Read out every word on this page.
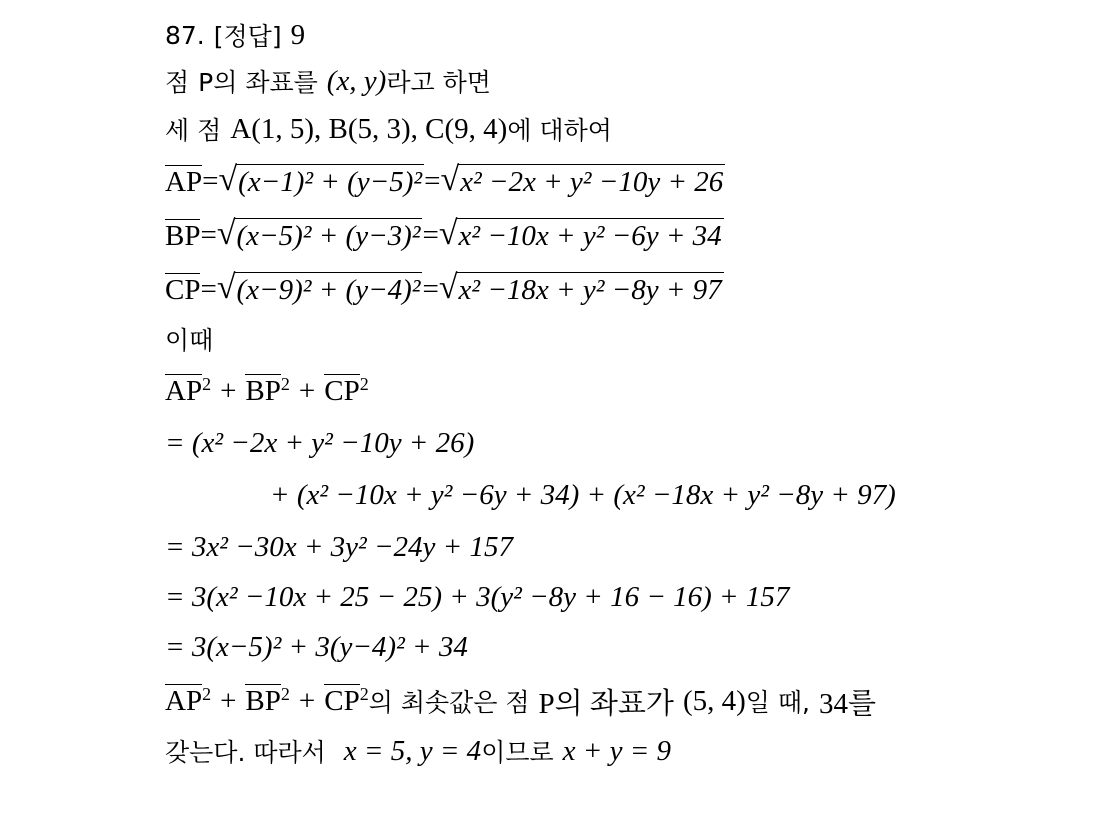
87. [정답] 9
점 P의 좌표를 (x, y) 라고 하면
세 점 A(1, 5), B(5, 3), C(9, 4) 에 대하여
AP = √ (x−1)² + (y−5)² = √ x² −2x + y² −10y + 26
BP = √ (x−5)² + (y−3)² = √ x² −10x + y² −6y + 34
CP = √ (x−9)² + (y−4)² = √ x² −18x + y² −8y + 97
이때
$AP^2 + BP^2 + CP^2$
= (x² −2x + y² −10y + 26)
+ (x² −10x + y² −6y + 34) + (x² −18x + y² −8y + 97)
= 3x² −30x + 3y² −24y + 157
= 3(x² −10x + 25 − 25) + 3(y² −8y + 16 − 16) + 157
= 3(x−5)² + 3(y−4)² + 34
$AP^2 + BP^2 + CP^2$ 의 최솟값은 점 P의 좌표가 (5, 4) 일 때, 34를
갖는다. 따라서 x = 5, y = 4 이므로 x + y = 9
